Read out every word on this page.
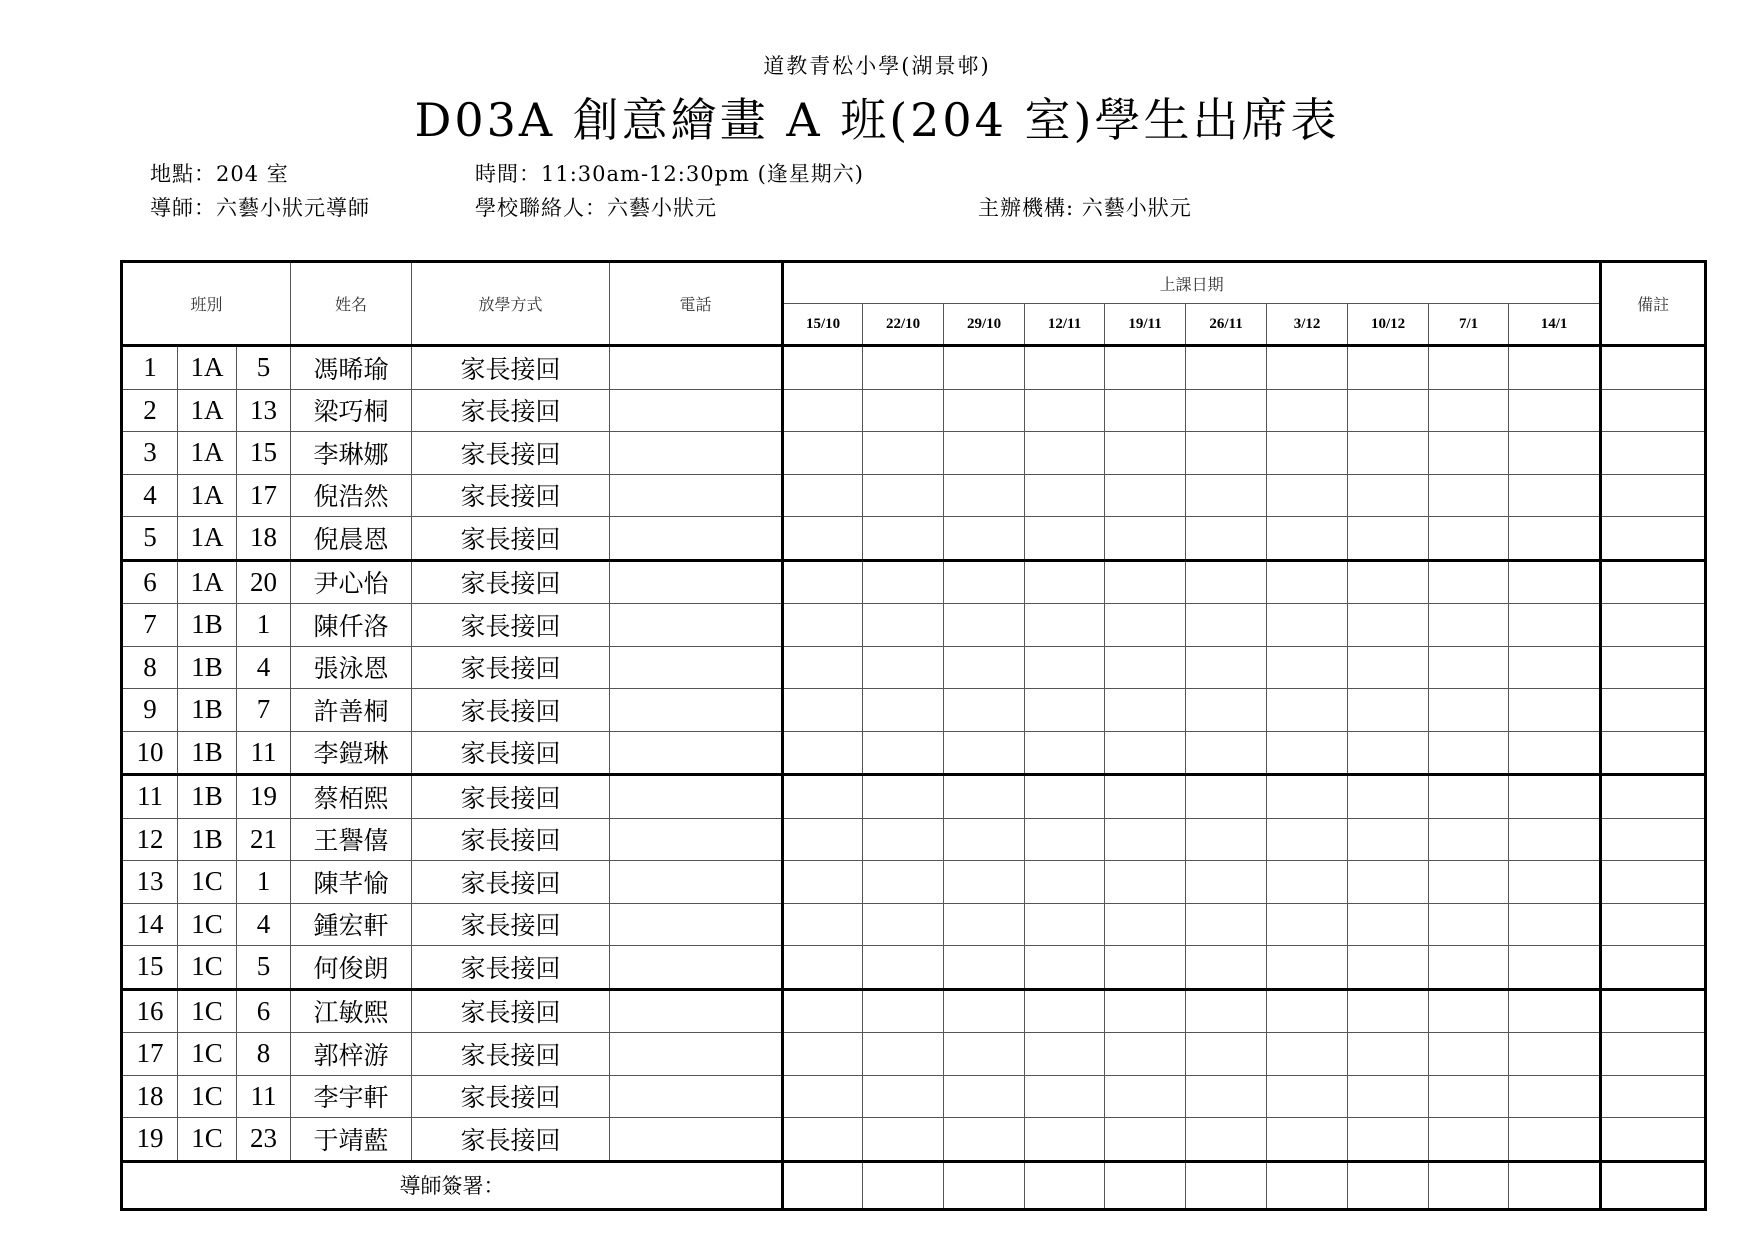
道教青松小學(湖景邨)
D03A 創意繪畫 A 班(204 室)學生出席表
地點：204 室	時間：11:30am-12:30pm (逢星期六)
導師：六藝小狀元導師	學校聯絡人：六藝小狀元	主辦機構: 六藝小狀元
班別			姓名	放學方式	電話	上課日期										備註
						15/10	22/10	29/10	12/11	19/11	26/11	3/12	10/12	7/1	14/1	
1	1A	5	馮晞瑜	家長接回												
2	1A	13	梁巧桐	家長接回												
3	1A	15	李琳娜	家長接回												
4	1A	17	倪浩然	家長接回												
5	1A	18	倪晨恩	家長接回												
6	1A	20	尹心怡	家長接回												
7	1B	1	陳仟洛	家長接回												
8	1B	4	張泳恩	家長接回												
9	1B	7	許善桐	家長接回												
10	1B	11	李鎧琳	家長接回												
11	1B	19	蔡栢熙	家長接回												
12	1B	21	王譽僖	家長接回												
13	1C	1	陳芊愉	家長接回												
14	1C	4	鍾宏軒	家長接回												
15	1C	5	何俊朗	家長接回												
16	1C	6	江敏熙	家長接回												
17	1C	8	郭梓游	家長接回												
18	1C	11	李宇軒	家長接回												
19	1C	23	于靖藍	家長接回												
導師簽署：																
